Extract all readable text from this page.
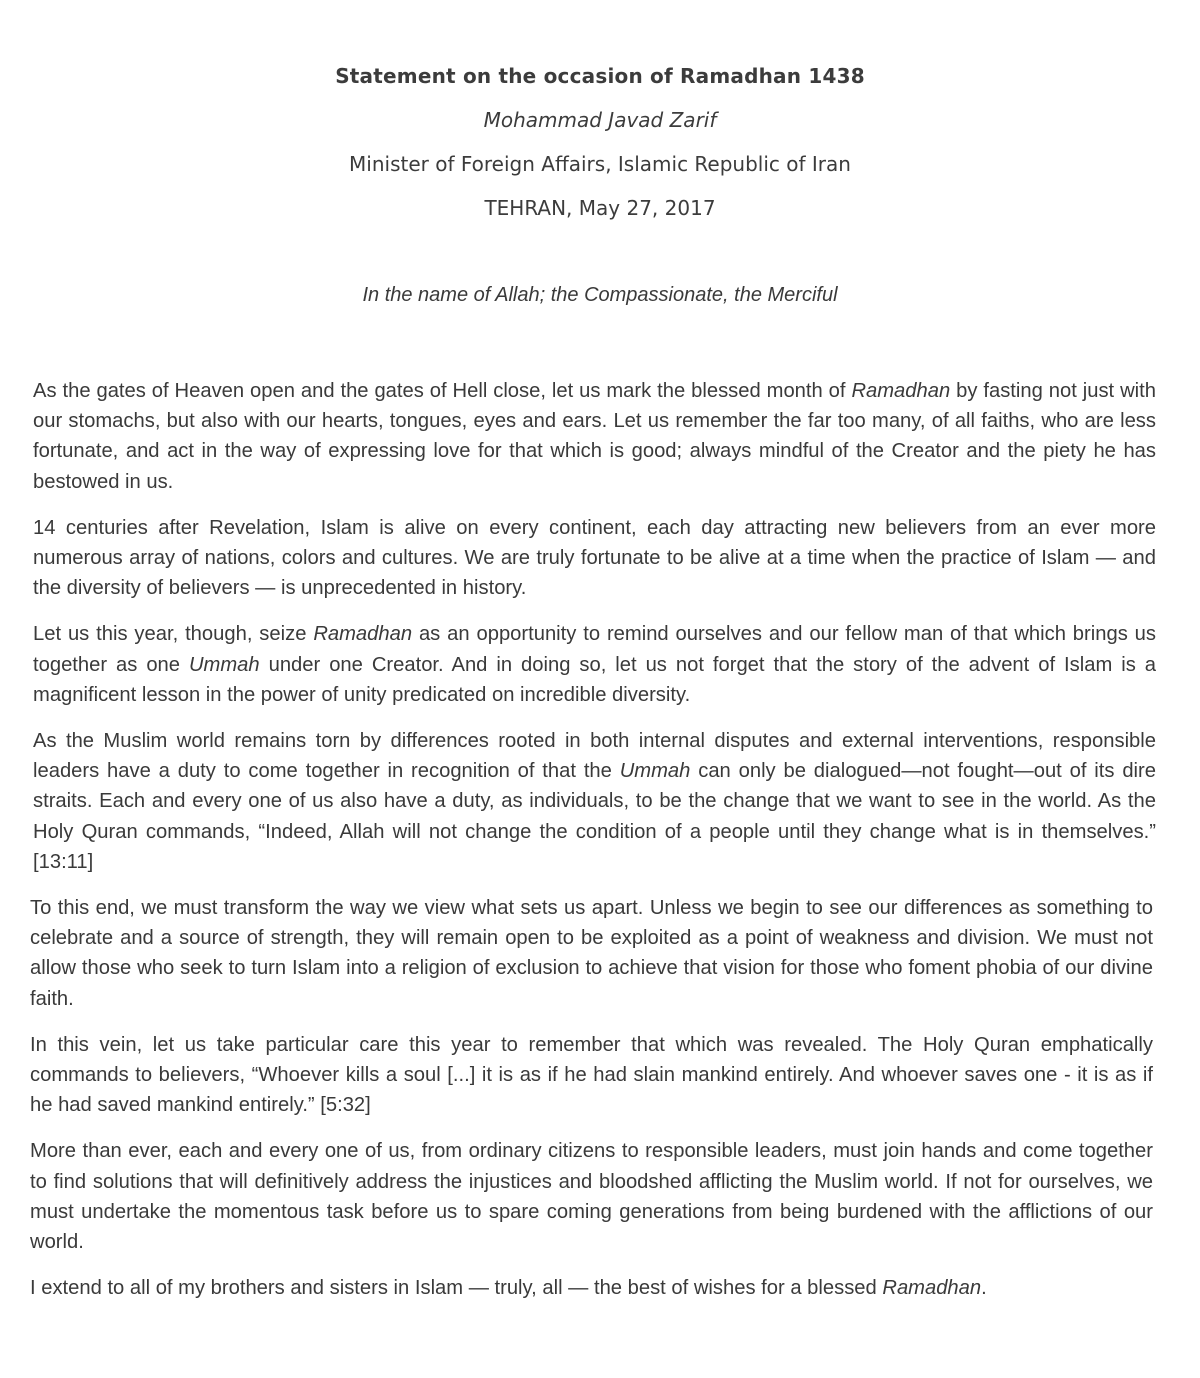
Statement on the occasion of Ramadhan 1438
Mohammad Javad Zarif
Minister of Foreign Affairs, Islamic Republic of Iran
TEHRAN, May 27, 2017
In the name of Allah; the Compassionate, the Merciful

As the gates of Heaven open and the gates of Hell close, let us mark the blessed month of Ramadhan by fasting not just with our stomachs, but also with our hearts, tongues, eyes and ears. Let us remember the far too many, of all faiths, who are less fortunate, and act in the way of expressing love for that which is good; always mindful of the Creator and the piety he has bestowed in us.

14 centuries after Revelation, Islam is alive on every continent, each day attracting new believers from an ever more numerous array of nations, colors and cultures. We are truly fortunate to be alive at a time when the practice of Islam — and the diversity of believers — is unprecedented in history.

Let us this year, though, seize Ramadhan as an opportunity to remind ourselves and our fellow man of that which brings us together as one Ummah under one Creator. And in doing so, let us not forget that the story of the advent of Islam is a magnificent lesson in the power of unity predicated on incredible diversity.

As the Muslim world remains torn by differences rooted in both internal disputes and external interventions, responsible leaders have a duty to come together in recognition of that the Ummah can only be dialogued—not fought—out of its dire straits. Each and every one of us also have a duty, as individuals, to be the change that we want to see in the world. As the Holy Quran commands, “Indeed, Allah will not change the condition of a people until they change what is in themselves.” [13:11]

To this end, we must transform the way we view what sets us apart. Unless we begin to see our differences as something to celebrate and a source of strength, they will remain open to be exploited as a point of weakness and division. We must not allow those who seek to turn Islam into a religion of exclusion to achieve that vision for those who foment phobia of our divine faith.

In this vein, let us take particular care this year to remember that which was revealed. The Holy Quran emphatically commands to believers, “Whoever kills a soul [...] it is as if he had slain mankind entirely. And whoever saves one - it is as if he had saved mankind entirely.” [5:32]

More than ever, each and every one of us, from ordinary citizens to responsible leaders, must join hands and come together to find solutions that will definitively address the injustices and bloodshed afflicting the Muslim world. If not for ourselves, we must undertake the momentous task before us to spare coming generations from being burdened with the afflictions of our world.

I extend to all of my brothers and sisters in Islam — truly, all — the best of wishes for a blessed Ramadhan.
